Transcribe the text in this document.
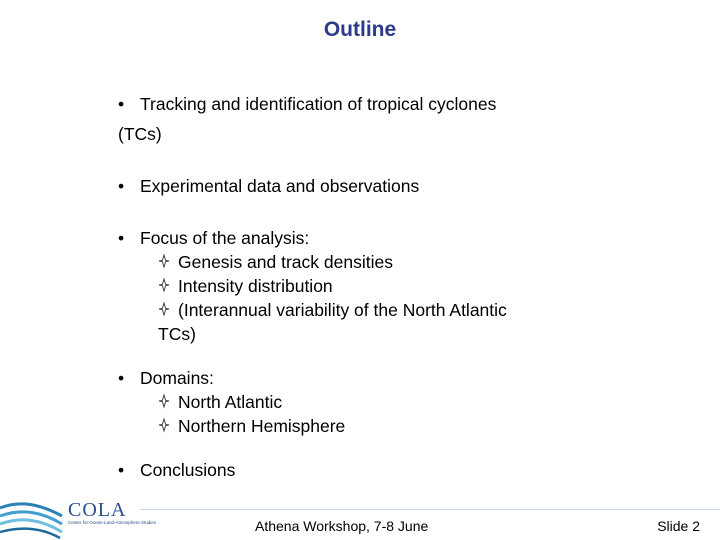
Outline
• Tracking and identification of tropical cyclones
(TCs)
• Experimental data and observations
• Focus of the analysis:
Genesis and track densities
Intensity distribution
(Interannual variability of the North Atlantic
TCs)
• Domains:
North Atlantic
Northern Hemisphere
• Conclusions
COLA
Center for Ocean-Land-Atmosphere Studies	Athena Workshop, 7-8 June	Slide 2
